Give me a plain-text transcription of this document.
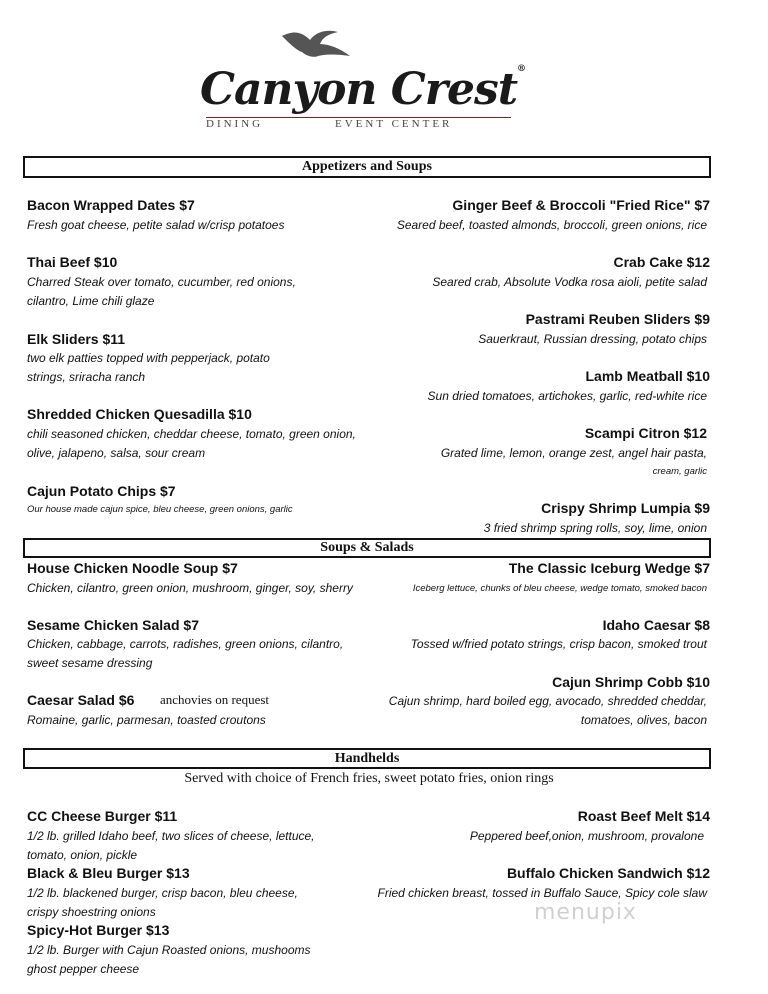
Canyon Crest®
DINING	EVENT CENTER
Appetizers and Soups
Bacon Wrapped Dates $7
Fresh goat cheese, petite salad w/crisp potatoes
Thai Beef $10
Charred Steak over tomato, cucumber, red onions,
cilantro, Lime chili glaze
Elk Sliders $11
two elk patties topped with pepperjack, potato
strings, sriracha ranch
Shredded Chicken Quesadilla $10
chili seasoned chicken, cheddar cheese, tomato, green onion,
olive, jalapeno, salsa, sour cream
Cajun Potato Chips $7
Our house made cajun spice, bleu cheese, green onions, garlic
Ginger Beef & Broccoli "Fried Rice" $7
Seared beef, toasted almonds, broccoli, green onions, rice
Crab Cake $12
Seared crab, Absolute Vodka rosa aioli, petite salad
Pastrami Reuben Sliders $9
Sauerkraut, Russian dressing, potato chips
Lamb Meatball $10
Sun dried tomatoes, artichokes, garlic, red-white rice
Scampi Citron $12
Grated lime, lemon, orange zest, angel hair pasta,
cream, garlic
Crispy Shrimp Lumpia $9
3 fried shrimp spring rolls, soy, lime, onion
Soups & Salads
House Chicken Noodle Soup $7
Chicken, cilantro, green onion, mushroom, ginger, soy, sherry
Sesame Chicken Salad $7
Chicken, cabbage, carrots, radishes, green onions, cilantro,
sweet sesame dressing
Caesar Salad $6 anchovies on request
Romaine, garlic, parmesan, toasted croutons
The Classic Iceburg Wedge $7
Iceberg lettuce, chunks of bleu cheese, wedge tomato, smoked bacon
Idaho Caesar $8
Tossed w/fried potato strings, crisp bacon, smoked trout
Cajun Shrimp Cobb $10
Cajun shrimp, hard boiled egg, avocado, shredded cheddar,
tomatoes, olives, bacon
Handhelds
Served with choice of French fries, sweet potato fries, onion rings
CC Cheese Burger $11
1/2 lb. grilled Idaho beef, two slices of cheese, lettuce,
tomato, onion, pickle
Black & Bleu Burger $13
1/2 lb. blackened burger, crisp bacon, bleu cheese,
crispy shoestring onions
Spicy-Hot Burger $13
1/2 lb. Burger with Cajun Roasted onions, mushooms
ghost pepper cheese
Roast Beef Melt $14
Peppered beef,onion, mushroom, provalone
Buffalo Chicken Sandwich $12
Fried chicken breast, tossed in Buffalo Sauce, Spicy cole slaw
menupix
